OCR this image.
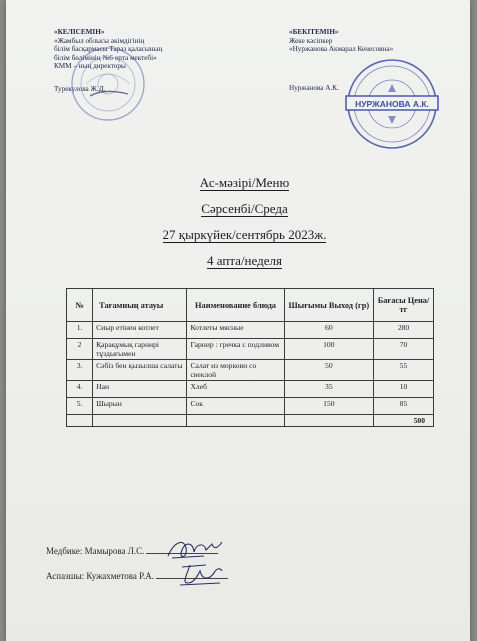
«КЕЛІСЕМІН»
«Жамбыл облысы әкімдігінің
білім басқармасы Тараз қаласының
білім бөлімінің №6 орта мектебі»
КММ – ның директоры
Турекулова Ж.Д.
«БЕКІТЕМІН»
Жеке кәсіпкер
«Нуржанова Акмарал Кенесовна»
Нуржанова А.К.
НУРЖАНОВА А.К.
Ас-мәзірі/Меню
Сәрсенбі/Среда
27 қыркүйек/сентябрь 2023ж.
4 апта/неделя
№	Тағамның атауы	Наименование блюда	Шығымы Выход (гр)	Бағасы Цена/тг
1.	Сиыр етінен котлет	Котлеты мясные	60	280
2	Қарақұмық гарнирі тұздығымен	Гарнир : гречка с подливом	100	70
3.	Сәбіз бен қызылша салаты	Салат из моркови со свеклой	50	55
4.	Нан	Хлеб	35	10
5.	Шырын	Сок	150	85
				500
Медбике: Мамырова Л.С.
Аспазшы: Кужахметова Р.А.
